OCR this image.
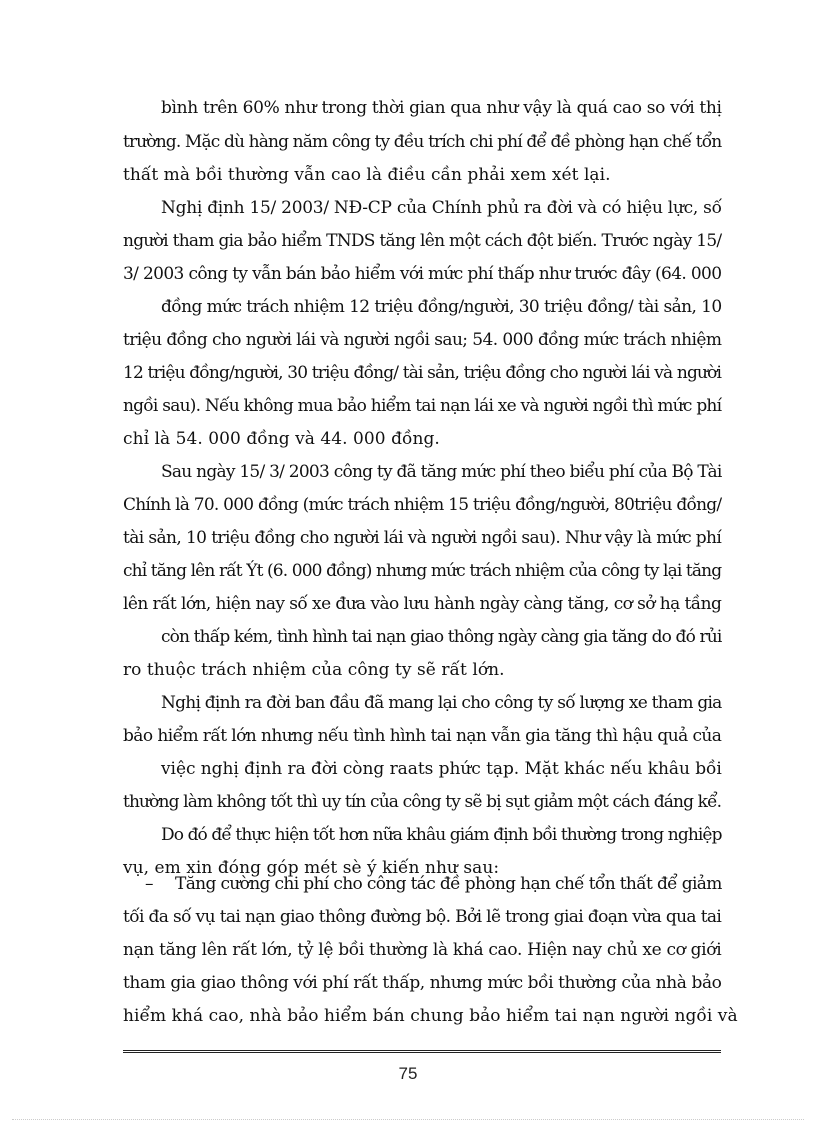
bình trên 60% như trong thời gian qua như vậy là quá cao so với thị
trường. Mặc dù hàng năm công ty đều trích chi phí để đề phòng hạn chế tổn
thất mà bồi thường vẫn cao là điều cần phải xem xét lại.
Nghị định 15/ 2003/ NĐ-CP của Chính phủ ra đời và có hiệu lực, số
người tham gia bảo hiểm TNDS tăng lên một cách đột biến. Trước ngày 15/
3/ 2003 công ty vẫn bán bảo hiểm với mức phí thấp như trước đây (64. 000
đồng mức trách nhiệm 12 triệu đồng/người, 30 triệu đồng/ tài sản, 10
triệu đồng cho người lái và người ngồi sau; 54. 000 đồng mức trách nhiệm
12 triệu đồng/người, 30 triệu đồng/ tài sản, triệu đồng cho người lái và người
ngồi sau). Nếu không mua bảo hiểm tai nạn lái xe và người ngồi thì mức phí
chỉ là 54. 000 đồng và 44. 000 đồng.
Sau ngày 15/ 3/ 2003 công ty đã tăng mức phí theo biểu phí của Bộ Tài
Chính là 70. 000 đồng (mức trách nhiệm 15 triệu đồng/người, 80triệu đồng/
tài sản, 10 triệu đồng cho người lái và người ngồi sau). Như vậy là mức phí
chỉ tăng lên rất Ýt (6. 000 đồng) nhưng mức trách nhiệm của công ty lại tăng
lên rất lớn, hiện nay số xe đưa vào lưu hành ngày càng tăng, cơ sở hạ tầng
còn thấp kém, tình hình tai nạn giao thông ngày càng gia tăng do đó rủi
ro thuộc trách nhiệm của công ty sẽ rất lớn.
Nghị định ra đời ban đầu đã mang lại cho công ty số lượng xe tham gia
bảo hiểm rất lớn nhưng nếu tình hình tai nạn vẫn gia tăng thì hậu quả của
việc nghị định ra đời còng raats phức tạp. Mặt khác nếu khâu bồi
thường làm không tốt thì uy tín của công ty sẽ bị sụt giảm một cách đáng kể.
Do đó để thực hiện tốt hơn nữa khâu giám định bồi thường trong nghiệp
vụ, em xin đóng góp mét sè ý kiến như sau:
– Tăng cường chi phí cho công tác đề phòng hạn chế tổn thất để giảm
tối đa số vụ tai nạn giao thông đường bộ. Bởi lẽ trong giai đoạn vừa qua tai
nạn tăng lên rất lớn, tỷ lệ bồi thường là khá cao. Hiện nay chủ xe cơ giới
tham gia giao thông với phí rất thấp, nhưng mức bồi thường của nhà bảo
hiểm khá cao, nhà bảo hiểm bán chung bảo hiểm tai nạn người ngồi và
75
